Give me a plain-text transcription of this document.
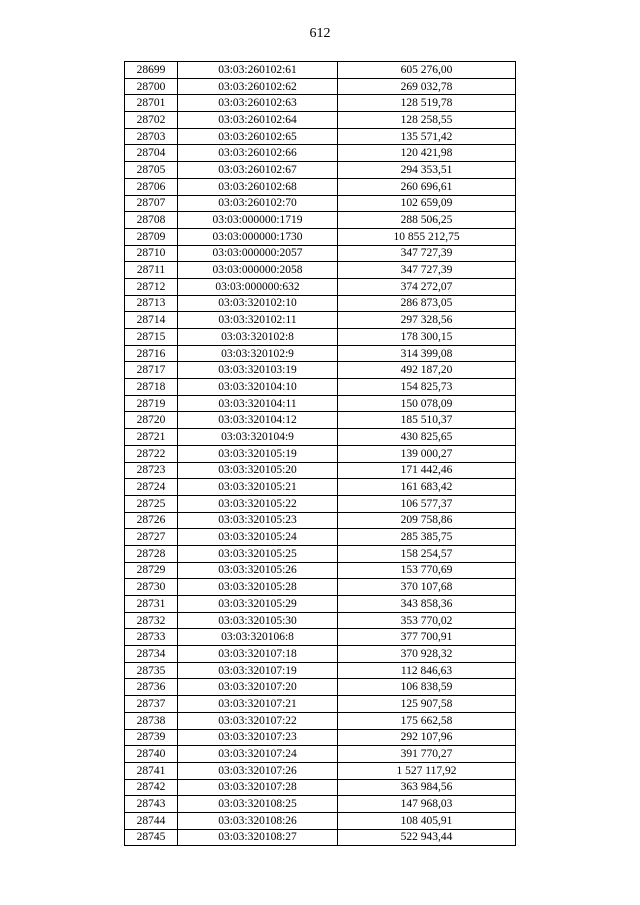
612
28699	03:03:260102:61	605 276,00
28700	03:03:260102:62	269 032,78
28701	03:03:260102:63	128 519,78
28702	03:03:260102:64	128 258,55
28703	03:03:260102:65	135 571,42
28704	03:03:260102:66	120 421,98
28705	03:03:260102:67	294 353,51
28706	03:03:260102:68	260 696,61
28707	03:03:260102:70	102 659,09
28708	03:03:000000:1719	288 506,25
28709	03:03:000000:1730	10 855 212,75
28710	03:03:000000:2057	347 727,39
28711	03:03:000000:2058	347 727,39
28712	03:03:000000:632	374 272,07
28713	03:03:320102:10	286 873,05
28714	03:03:320102:11	297 328,56
28715	03:03:320102:8	178 300,15
28716	03:03:320102:9	314 399,08
28717	03:03:320103:19	492 187,20
28718	03:03:320104:10	154 825,73
28719	03:03:320104:11	150 078,09
28720	03:03:320104:12	185 510,37
28721	03:03:320104:9	430 825,65
28722	03:03:320105:19	139 000,27
28723	03:03:320105:20	171 442,46
28724	03:03:320105:21	161 683,42
28725	03:03:320105:22	106 577,37
28726	03:03:320105:23	209 758,86
28727	03:03:320105:24	285 385,75
28728	03:03:320105:25	158 254,57
28729	03:03:320105:26	153 770,69
28730	03:03:320105:28	370 107,68
28731	03:03:320105:29	343 858,36
28732	03:03:320105:30	353 770,02
28733	03:03:320106:8	377 700,91
28734	03:03:320107:18	370 928,32
28735	03:03:320107:19	112 846,63
28736	03:03:320107:20	106 838,59
28737	03:03:320107:21	125 907,58
28738	03:03:320107:22	175 662,58
28739	03:03:320107:23	292 107,96
28740	03:03:320107:24	391 770,27
28741	03:03:320107:26	1 527 117,92
28742	03:03:320107:28	363 984,56
28743	03:03:320108:25	147 968,03
28744	03:03:320108:26	108 405,91
28745	03:03:320108:27	522 943,44
